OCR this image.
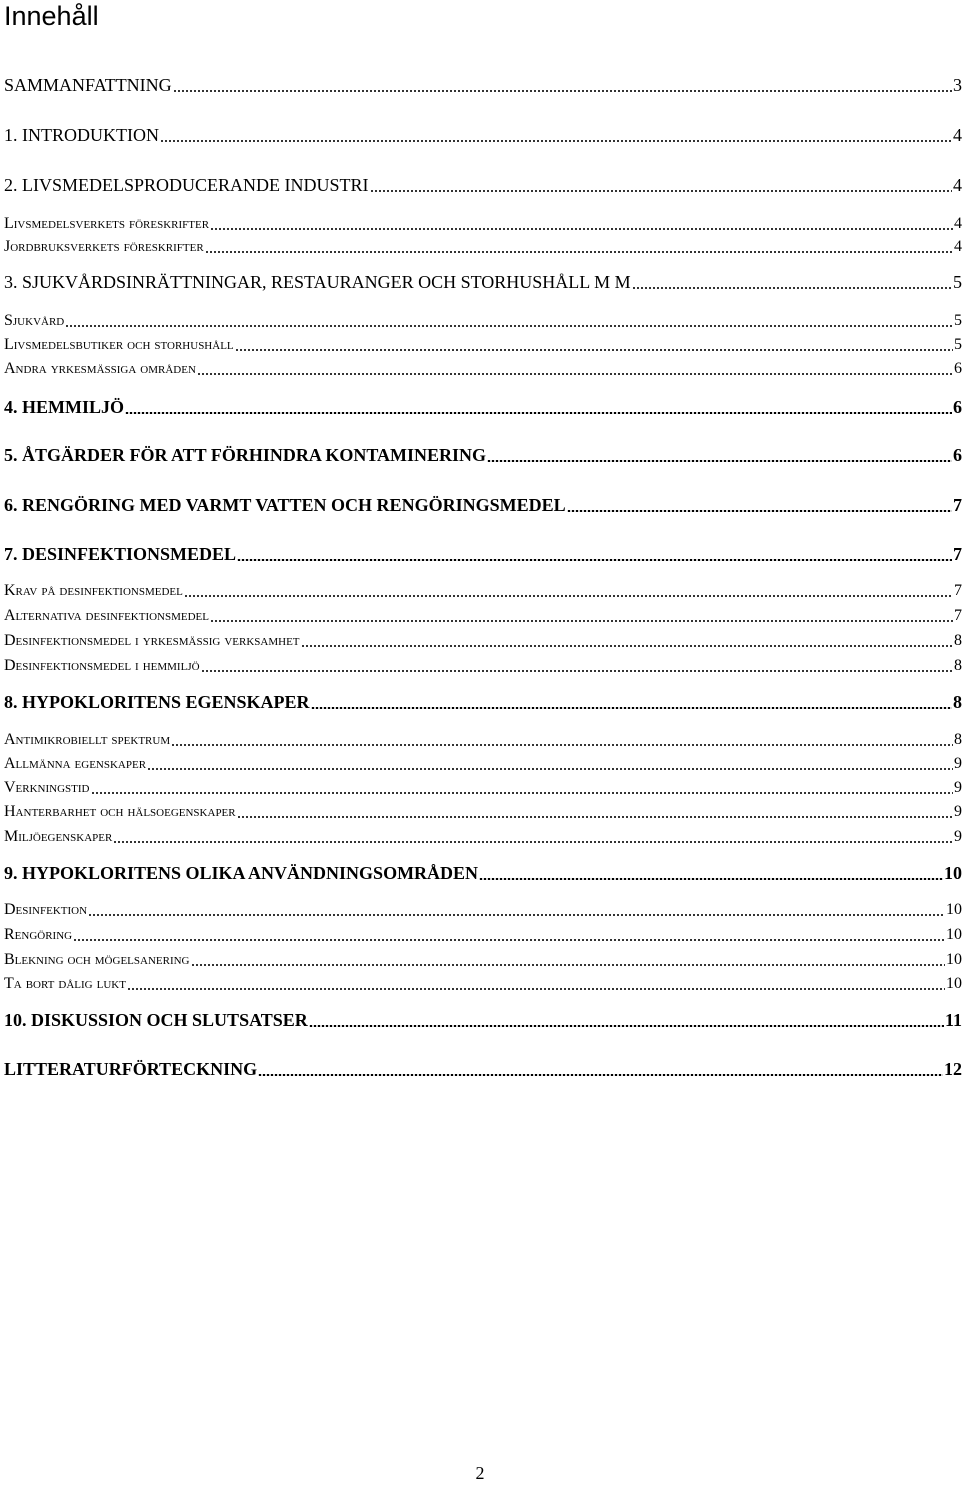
Innehåll
SAMMANFATTNING	3
1. INTRODUKTION	4
2. LIVSMEDELSPRODUCERANDE INDUSTRI	4
Livsmedelsverkets föreskrifter	4
Jordbruksverkets föreskrifter	4
3. SJUKVÅRDSINRÄTTNINGAR, RESTAURANGER OCH STORHUSHÅLL M M	5
Sjukvård	5
Livsmedelsbutiker och storhushåll	5
Andra yrkesmässiga områden	6
4. HEMMILJÖ	6
5. ÅTGÄRDER FÖR ATT FÖRHINDRA KONTAMINERING	6
6. RENGÖRING MED VARMT VATTEN OCH RENGÖRINGSMEDEL	7
7. DESINFEKTIONSMEDEL	7
Krav på desinfektionsmedel	7
Alternativa desinfektionsmedel	7
Desinfektionsmedel i yrkesmässig verksamhet	8
Desinfektionsmedel i hemmiljö	8
8. HYPOKLORITENS EGENSKAPER	8
Antimikrobiellt spektrum	8
Allmänna egenskaper	9
Verkningstid	9
Hanterbarhet och hälsoegenskaper	9
Miljöegenskaper	9
9. HYPOKLORITENS OLIKA ANVÄNDNINGSOMRÅDEN	10
Desinfektion	10
Rengöring	10
Blekning och mögelsanering	10
Ta bort dålig lukt	10
10. DISKUSSION OCH SLUTSATSER	11
LITTERATURFÖRTECKNING	12
2
